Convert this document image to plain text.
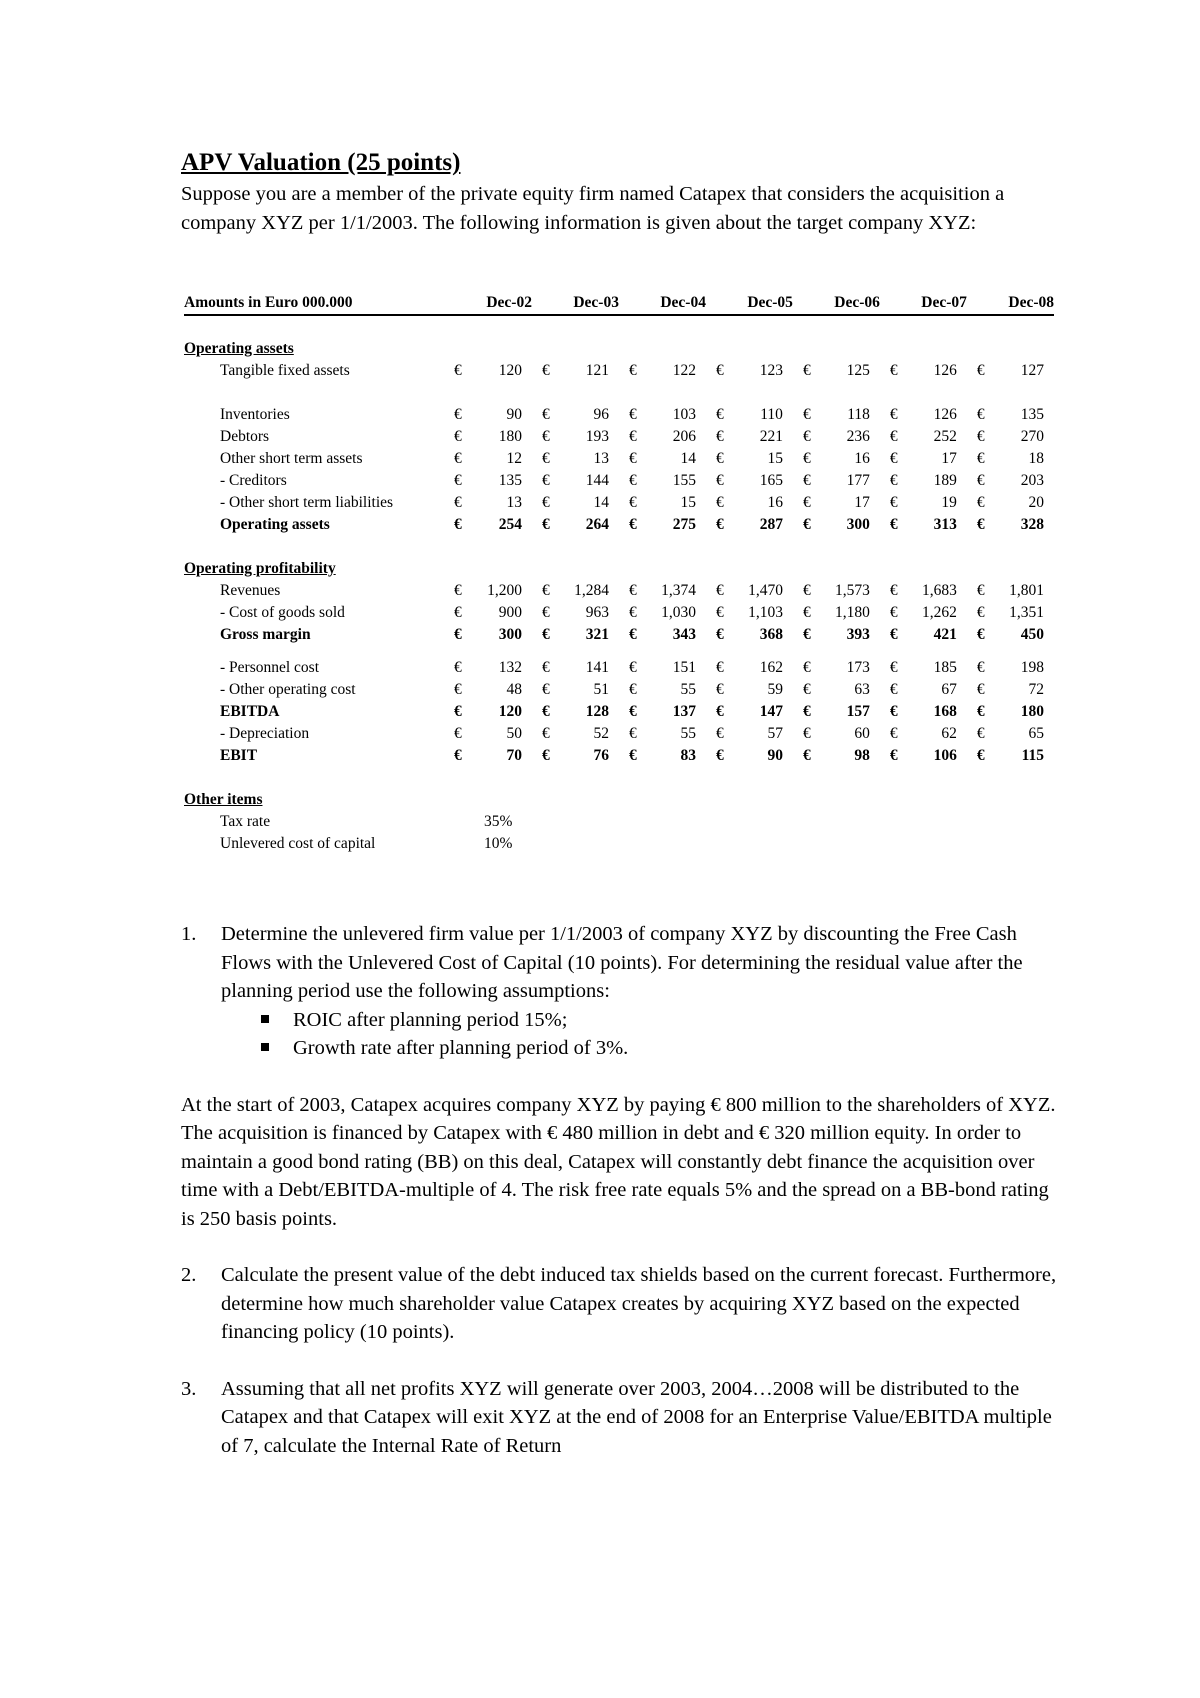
APV Valuation (25 points)

Suppose you are a member of the private equity firm named Catapex that considers the acquisition a company XYZ per 1/1/2003. The following information is given about the target company XYZ:

Amounts in Euro 000.000	Dec-02		Dec-03		Dec-04		Dec-05		Dec-06		Dec-07		Dec-08	

Operating assets														
Tangible fixed assets	€	120	€	121	€	122	€	123	€	125	€	126	€	127

Inventories	€	90	€	96	€	103	€	110	€	118	€	126	€	135
Debtors	€	180	€	193	€	206	€	221	€	236	€	252	€	270
Other short term assets	€	12	€	13	€	14	€	15	€	16	€	17	€	18
- Creditors	€	135	€	144	€	155	€	165	€	177	€	189	€	203
- Other short term liabilities	€	13	€	14	€	15	€	16	€	17	€	19	€	20
Operating assets	€	254	€	264	€	275	€	287	€	300	€	313	€	328

Operating profitability														
Revenues	€	1,200	€	1,284	€	1,374	€	1,470	€	1,573	€	1,683	€	1,801
- Cost of goods sold	€	900	€	963	€	1,030	€	1,103	€	1,180	€	1,262	€	1,351
Gross margin	€	300	€	321	€	343	€	368	€	393	€	421	€	450

- Personnel cost	€	132	€	141	€	151	€	162	€	173	€	185	€	198
- Other operating cost	€	48	€	51	€	55	€	59	€	63	€	67	€	72
EBITDA	€	120	€	128	€	137	€	147	€	157	€	168	€	180
- Depreciation	€	50	€	52	€	55	€	57	€	60	€	62	€	65
EBIT	€	70	€	76	€	83	€	90	€	98	€	106	€	115

Other items														
Tax rate	35%													
Unlevered cost of capital	10%													
1. Determine the unlevered firm value per 1/1/2003 of company XYZ by discounting the Free Cash Flows with the Unlevered Cost of Capital (10 points). For determining the residual value after the planning period use the following assumptions:
ROIC after planning period 15%;
Growth rate after planning period of 3%.

At the start of 2003, Catapex acquires company XYZ by paying € 800 million to the shareholders of XYZ. The acquisition is financed by Catapex with € 480 million in debt and € 320 million equity. In order to maintain a good bond rating (BB) on this deal, Catapex will constantly debt finance the acquisition over time with a Debt/EBITDA-multiple of 4. The risk free rate equals 5% and the spread on a BB-bond rating is 250 basis points.

2. Calculate the present value of the debt induced tax shields based on the current forecast. Furthermore, determine how much shareholder value Catapex creates by acquiring XYZ based on the expected financing policy (10 points).
3. Assuming that all net profits XYZ will generate over 2003, 2004…2008 will be distributed to the Catapex and that Catapex will exit XYZ at the end of 2008 for an Enterprise Value/EBITDA multiple of 7, calculate the Internal Rate of Return
